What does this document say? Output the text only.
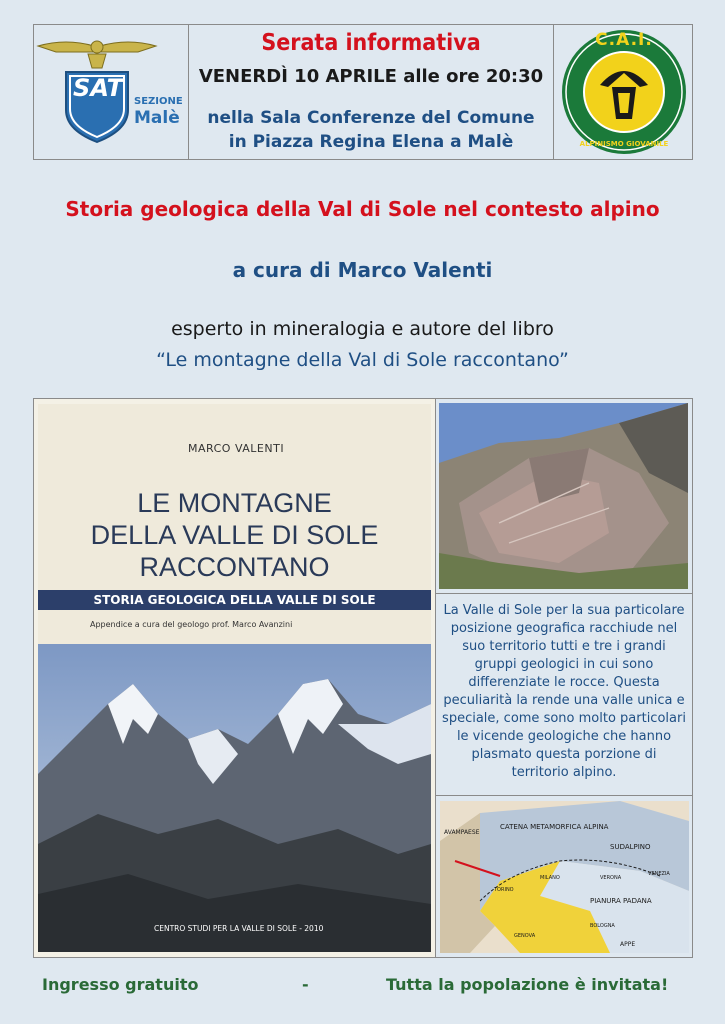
SAT	SEZIONE
Malè
Serata informativa
VENERDÌ 10 APRILE alle ore 20:30
nella Sala Conferenze del Comune
in Piazza Regina Elena a Malè
C.A.I.
ALPINISMO GIOVANILE
Storia geologica della Val di Sole nel contesto alpino
a cura di Marco Valenti
esperto in mineralogia e autore del libro
“Le montagne della Val di Sole raccontano”
MARCO VALENTI
LE MONTAGNE
DELLA VALLE DI SOLE
RACCONTANO
STORIA GEOLOGICA DELLA VALLE DI SOLE
Appendice a cura del geologo prof. Marco Avanzini
CENTRO STUDI PER LA VALLE DI SOLE - 2010
La Valle di Sole per la sua particolare posizione geografica racchiude nel suo territorio tutti e tre i grandi gruppi geologici in cui sono differenziate le rocce. Questa peculiarità la rende una valle unica e speciale, come sono molto particolari le vicende geologiche che hanno plasmato questa porzione di territorio alpino.
AVAMPAESE
CATENA METAMORFICA ALPINA
SUDALPINO
PIANURA PADANA
MILANO
TORINO
VERONA
VENEZIA
BOLOGNA
GENOVA
APPE
Ingresso gratuito	-	Tutta la popolazione è invitata!
